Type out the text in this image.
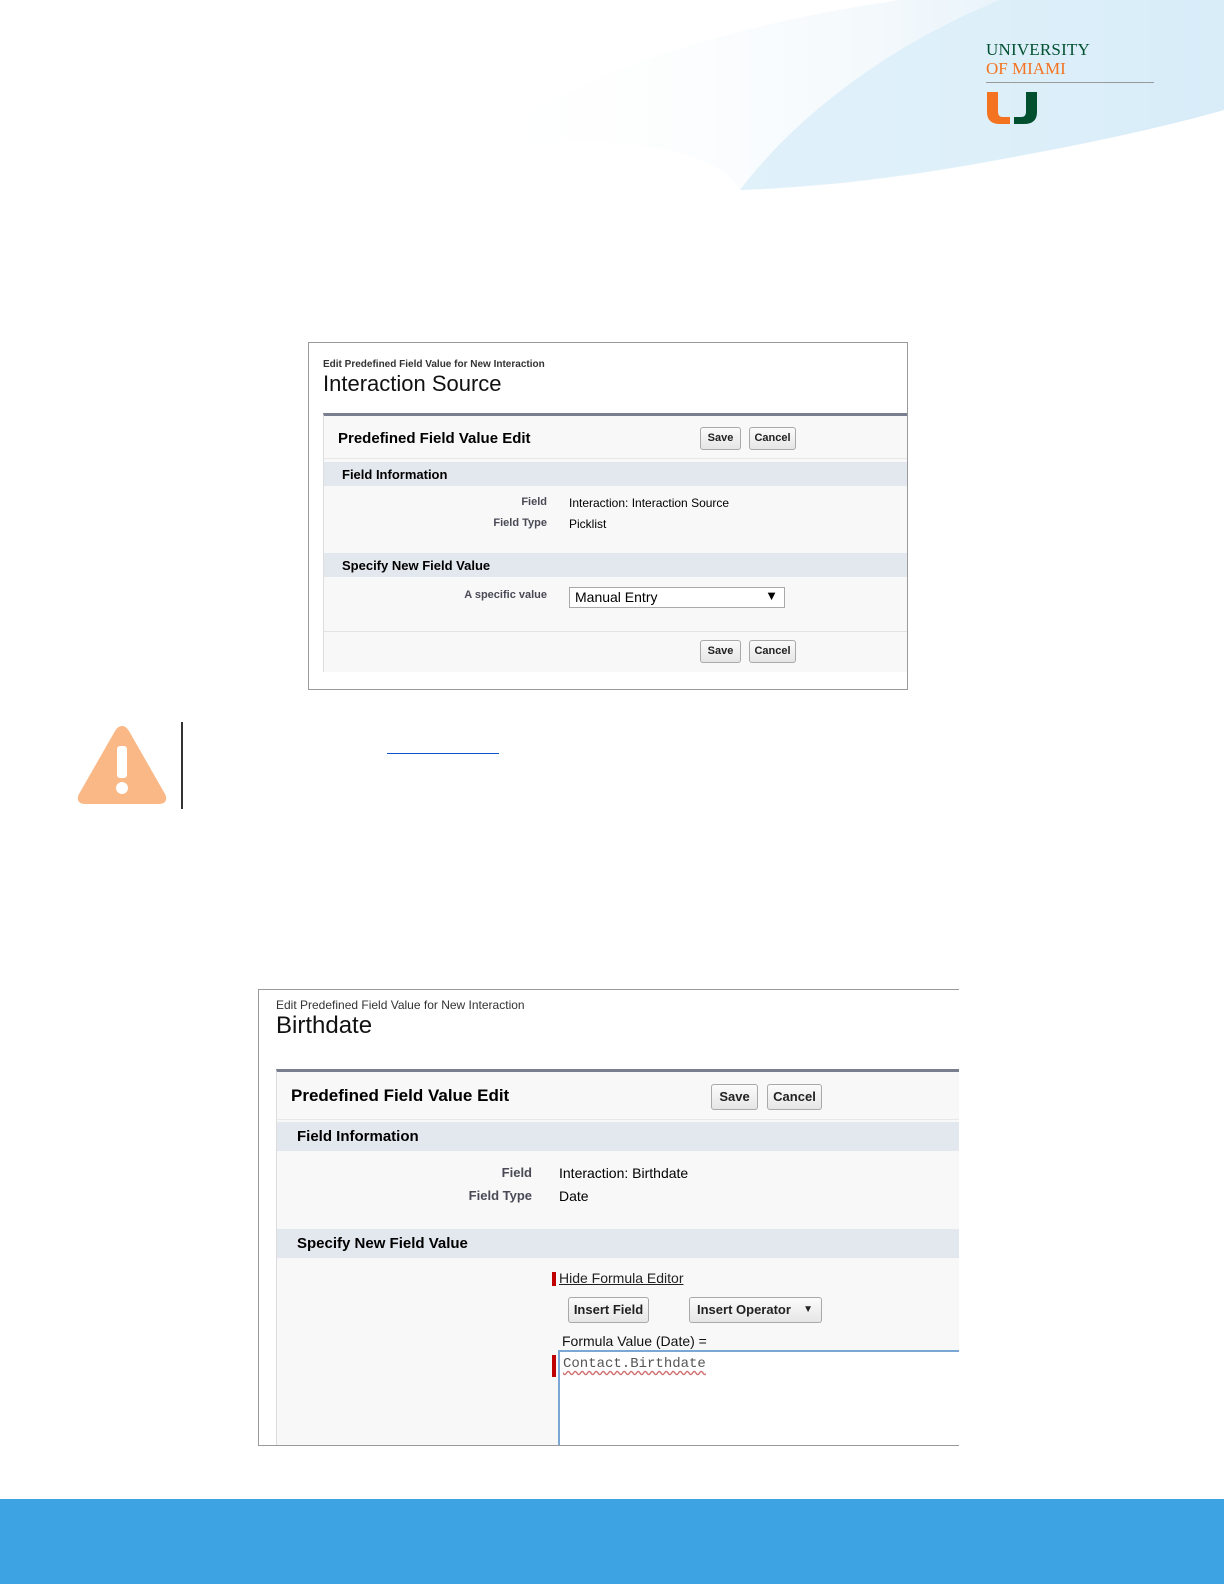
UNIVERSITY
OF MIAMI
Edit Predefined Field Value for New Interaction
Interaction Source
Predefined Field Value Edit	Save	Cancel
Field Information
Field Interaction: Interaction Source
Field Type Picklist
Specify New Field Value
A specific value Manual Entry	▼
Save	Cancel
Edit Predefined Field Value for New Interaction
Birthdate
Predefined Field Value Edit	Save	Cancel
Field Information
Field Interaction: Birthdate
Field Type Date
Specify New Field Value
Hide Formula Editor
Insert Field	Insert Operator ▼
Formula Value (Date) =
Contact.Birthdate
